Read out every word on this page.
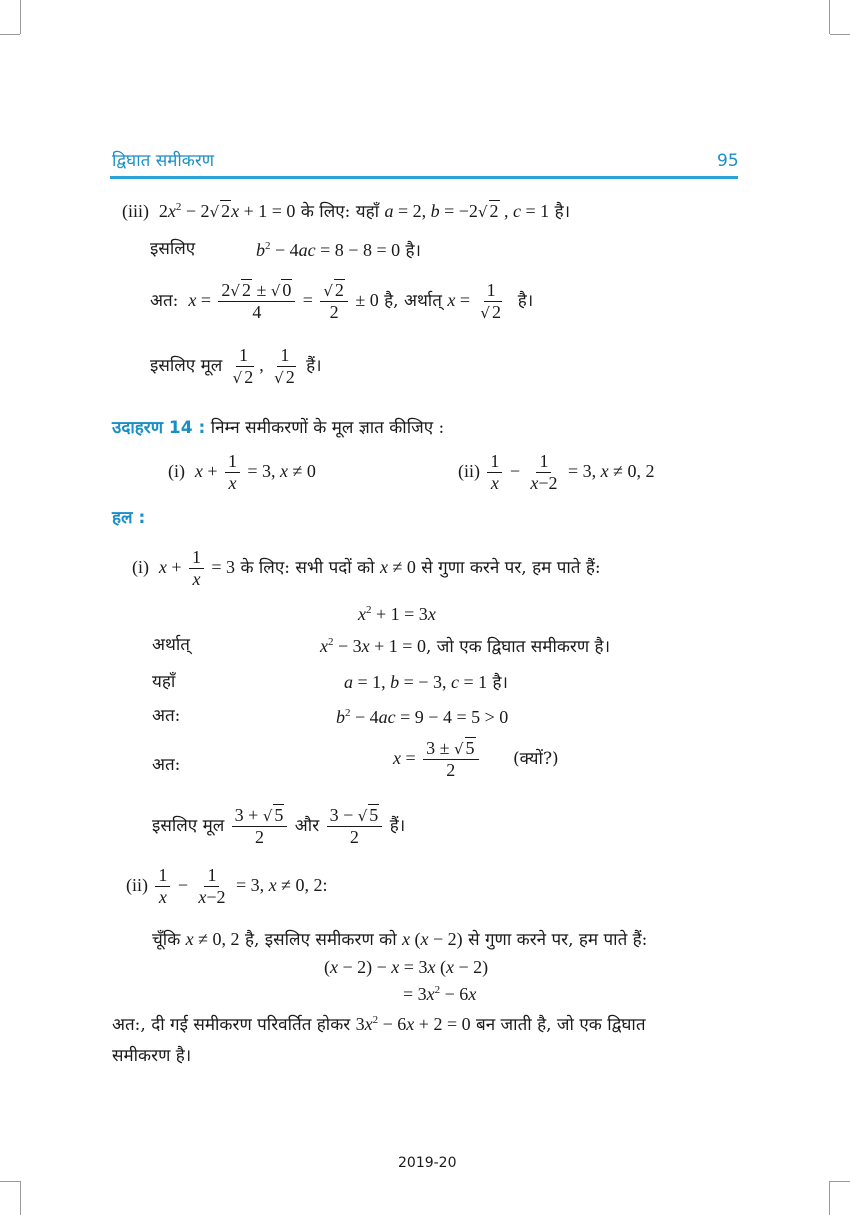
द्विघात समीकरण	95
(iii)  $2x^2 - 2√$ 2x + 1 = 0 के लिए: यहाँ a = 2, b = −2√ 2 , c = 1 है।
इसलिए	$b^2 - 4ac = 8 - 8 = 0$ है।
अत: $x = \frac{2√ 2 \pm √ 0}{4} = \frac{√ 2}{2} \pm 0$ है, अर्थात् $x = \frac{1}{√ 2}$ है।
इसलिए मूल $\frac{1}{√ 2}$ , $\frac{1}{√ 2}$ हैं।
उदाहरण 14 : निम्न समीकरणों के मूल ज्ञात कीजिए :
(i) $x + \frac{1}{x} = 3$, x ≠ 0	$(ii) \frac{1}{x} - \frac{1}{x-2} = 3$, x ≠ 0, 2
हल :
(i) $x + \frac{1}{x} = 3$ के लिए: सभी पदों को x ≠ 0 से गुणा करने पर, हम पाते हैं:
$x^2 + 1 = 3x$
अर्थात्	$x^2 - 3x + 1 = 0$, जो एक द्विघात समीकरण है।
यहाँ	a = 1, b = − 3, c = 1 है।
अत:	$b^2 - 4ac = 9 - 4 = 5 > 0$
अत:	$x = \frac{3 \pm √ 5}{2}$ (क्यों?)
इसलिए मूल $\frac{3 + √ 5}{2}$ और $\frac{3 - √ 5}{2}$ हैं।
$(ii) \frac{1}{x} - \frac{1}{x-2} = 3$, x ≠ 0, 2:
चूँकि x ≠ 0, 2 है, इसलिए समीकरण को x (x − 2) से गुणा करने पर, हम पाते हैं:
(x − 2) − x = 3x (x − 2)
= $3x^2 - 6x$
अत:, दी गई समीकरण परिवर्तित होकर $3x^2 - 6x + 2 = 0$ बन जाती है, जो एक द्विघात
समीकरण है।
2019-20
